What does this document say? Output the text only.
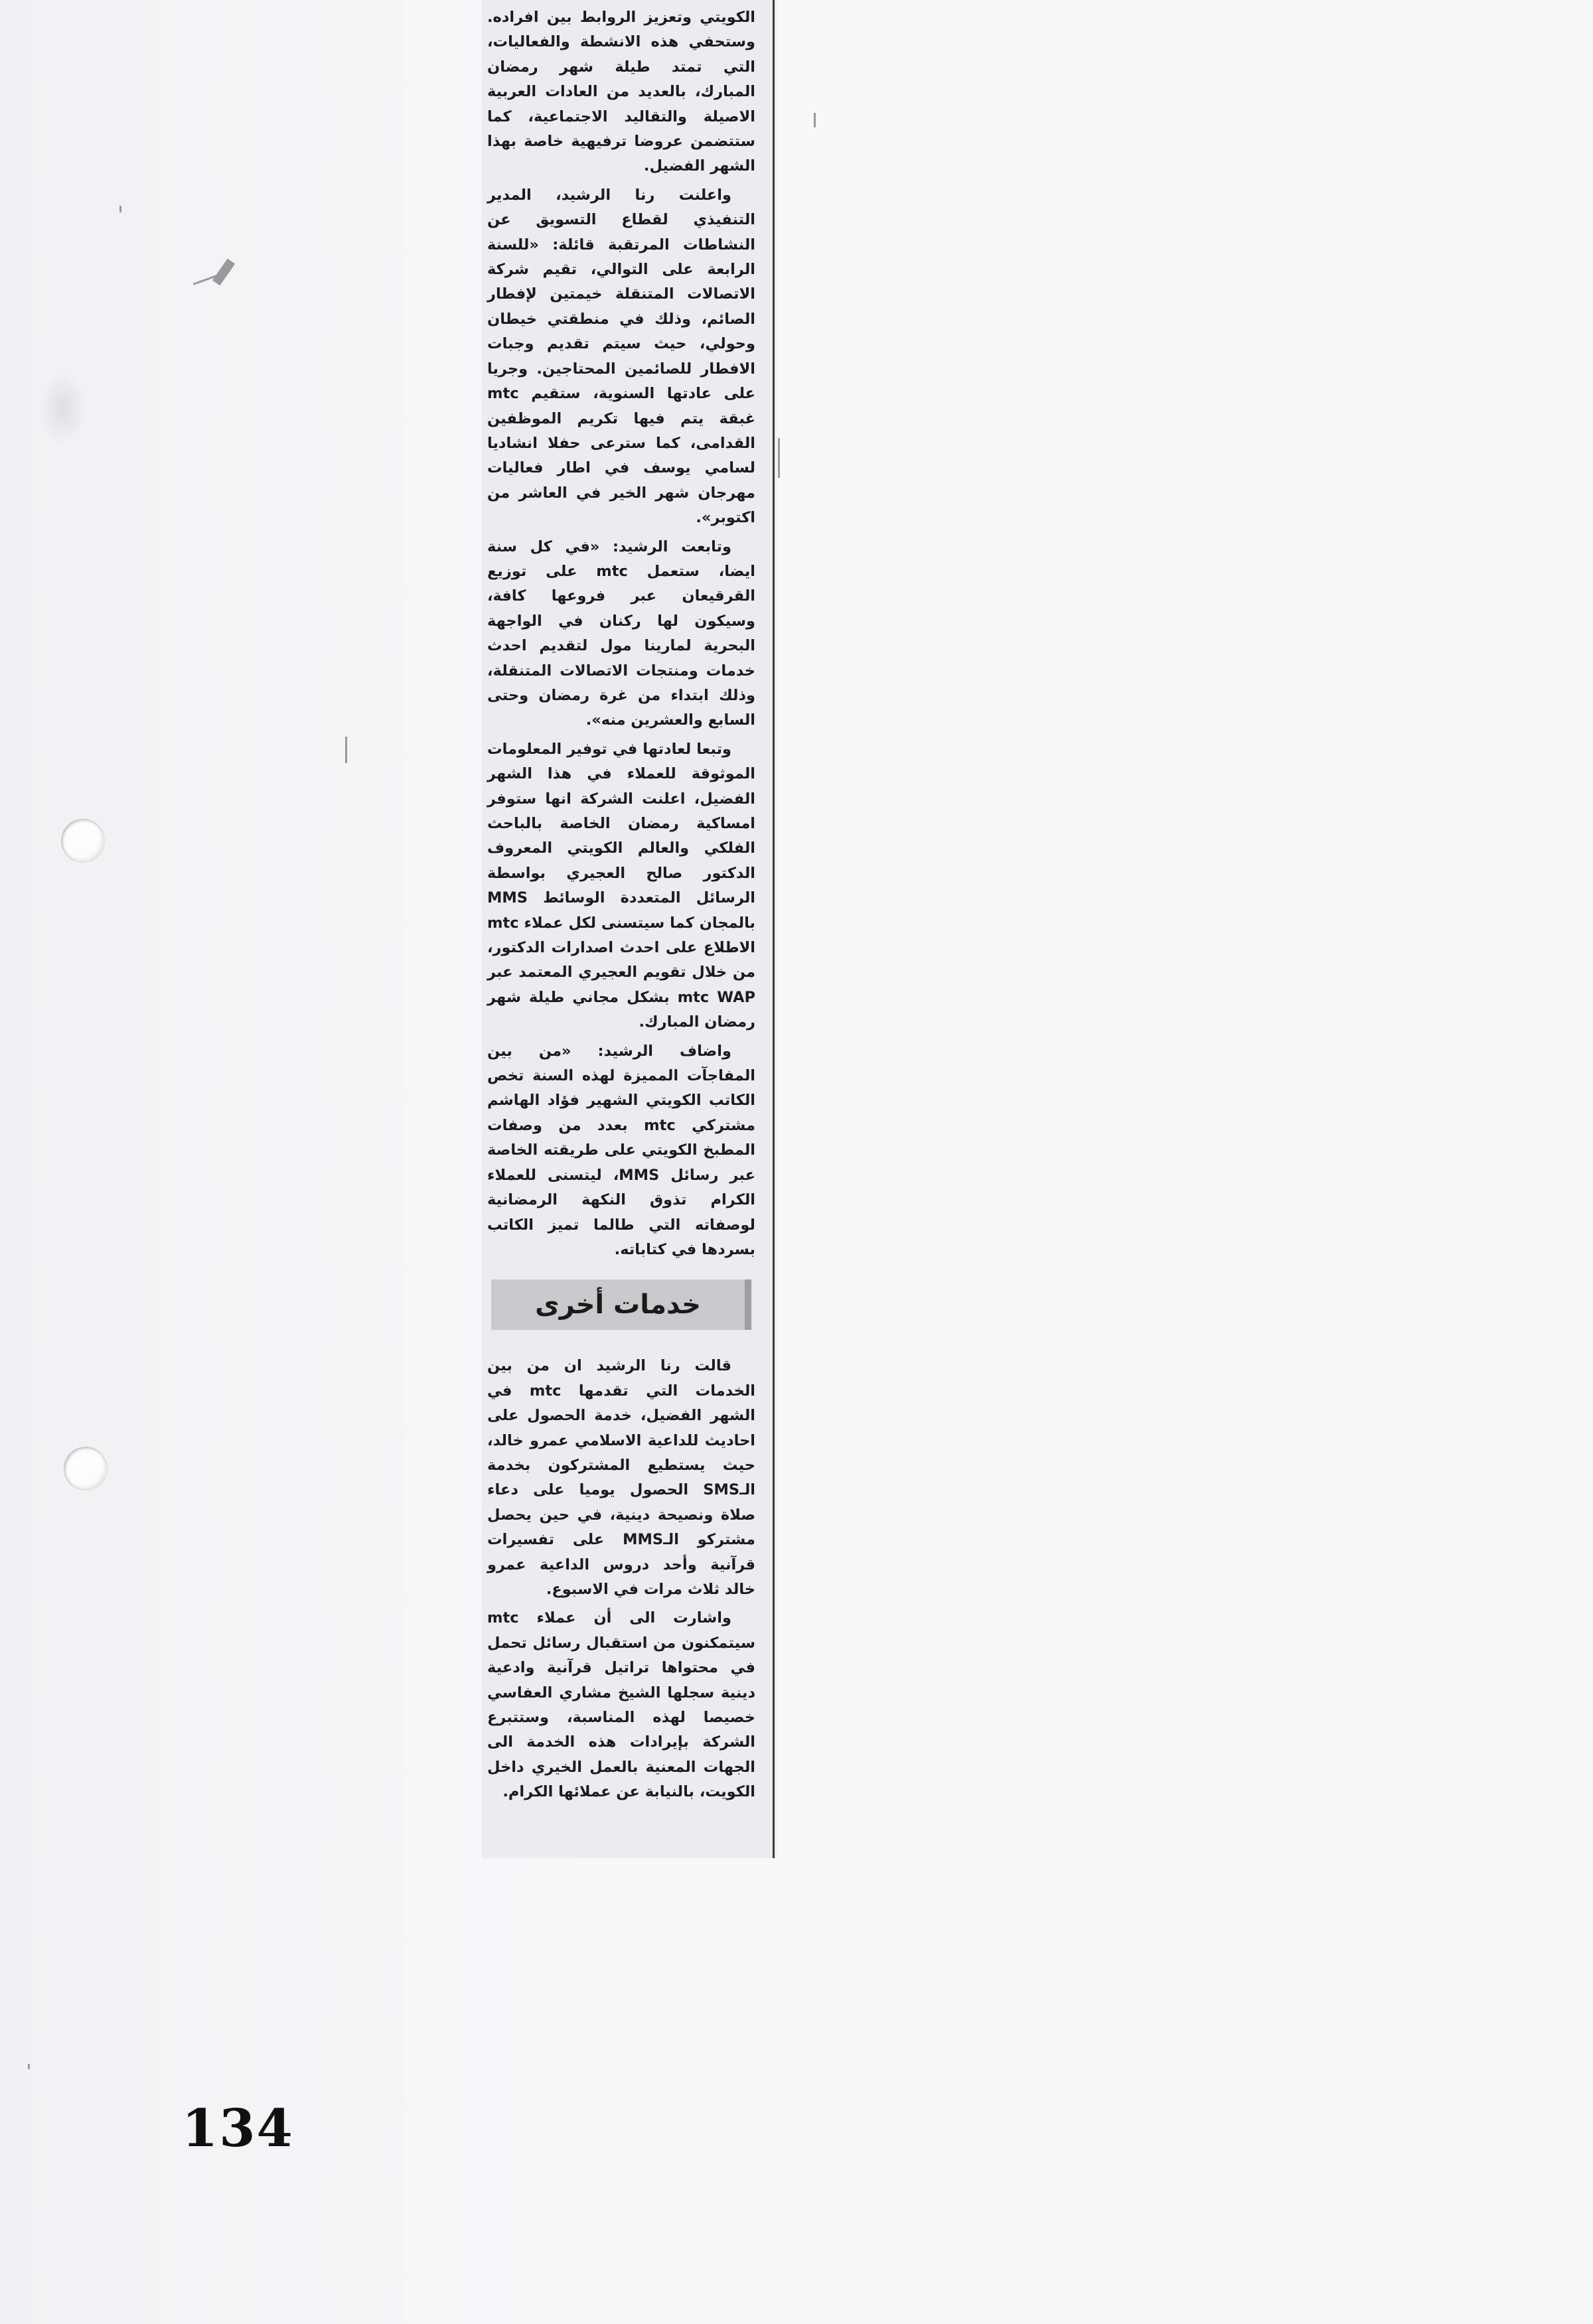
الكويتي وتعزيز الروابط بين افراده. وستحفي هذه الانشطة والفعاليات، التي تمتد طيلة شهر رمضان المبارك، بالعديد من العادات العربية الاصيلة والتقاليد الاجتماعية، كما ستتضمن عروضا ترفيهية خاصة بهذا الشهر الفضيل.

واعلنت رنا الرشيد، المدير التنفيذي لقطاع التسويق عن النشاطات المرتقبة قائلة: «للسنة الرابعة على التوالي، تقيم شركة الاتصالات المتنقلة خيمتين لإفطار الصائم، وذلك في منطقتي خيطان وحولي، حيث سيتم تقديم وجبات الافطار للصائمين المحتاجين. وجريا على عادتها السنوية، ستقيم mtc غبقة يتم فيها تكريم الموظفين القدامى، كما سترعى حفلا انشاديا لسامي يوسف في اطار فعاليات مهرجان شهر الخير في العاشر من اكتوبر».

وتابعت الرشيد: «في كل سنة ايضا، ستعمل mtc على توزيع القرقيعان عبر فروعها كافة، وسيكون لها ركنان في الواجهة البحرية لمارينا مول لتقديم احدث خدمات ومنتجات الاتصالات المتنقلة، وذلك ابتداء من غرة رمضان وحتى السابع والعشرين منه».

وتبعا لعادتها في توفير المعلومات الموثوقة للعملاء في هذا الشهر الفضيل، اعلنت الشركة انها ستوفر امساكية رمضان الخاصة بالباحث الفلكي والعالم الكويتي المعروف الدكتور صالح العجيري بواسطة الرسائل المتعددة الوسائط MMS بالمجان كما سيتسنى لكل عملاء mtc الاطلاع على احدث اصدارات الدكتور، من خلال تقويم العجيري المعتمد عبر mtc WAP بشكل مجاني طيلة شهر رمضان المبارك.

واضاف الرشيد: «من بين المفاجآت المميزة لهذه السنة تخص الكاتب الكويتي الشهير فؤاد الهاشم مشتركي mtc بعدد من وصفات المطبخ الكويتي على طريقته الخاصة عبر رسائل MMS، ليتسنى للعملاء الكرام تذوق النكهة الرمضانية لوصفاته التي طالما تميز الكاتب بسردها في كتاباته.

خدمات أخرى

قالت رنا الرشيد ان من بين الخدمات التي تقدمها mtc في الشهر الفضيل، خدمة الحصول على احاديث للداعية الاسلامي عمرو خالد، حيث يستطيع المشتركون بخدمة الـSMS الحصول يوميا على دعاء صلاة ونصيحة دينية، في حين يحصل مشتركو الـMMS على تفسيرات قرآنية وأحد دروس الداعية عمرو خالد ثلاث مرات في الاسبوع.

واشارت الى أن عملاء mtc سيتمكنون من استقبال رسائل تحمل في محتواها تراتيل قرآنية وادعية دينية سجلها الشيخ مشاري العفاسي خصيصا لهذه المناسبة، وستتبرع الشركة بإيرادات هذه الخدمة الى الجهات المعنية بالعمل الخيري داخل الكويت، بالنيابة عن عملائها الكرام.

134
